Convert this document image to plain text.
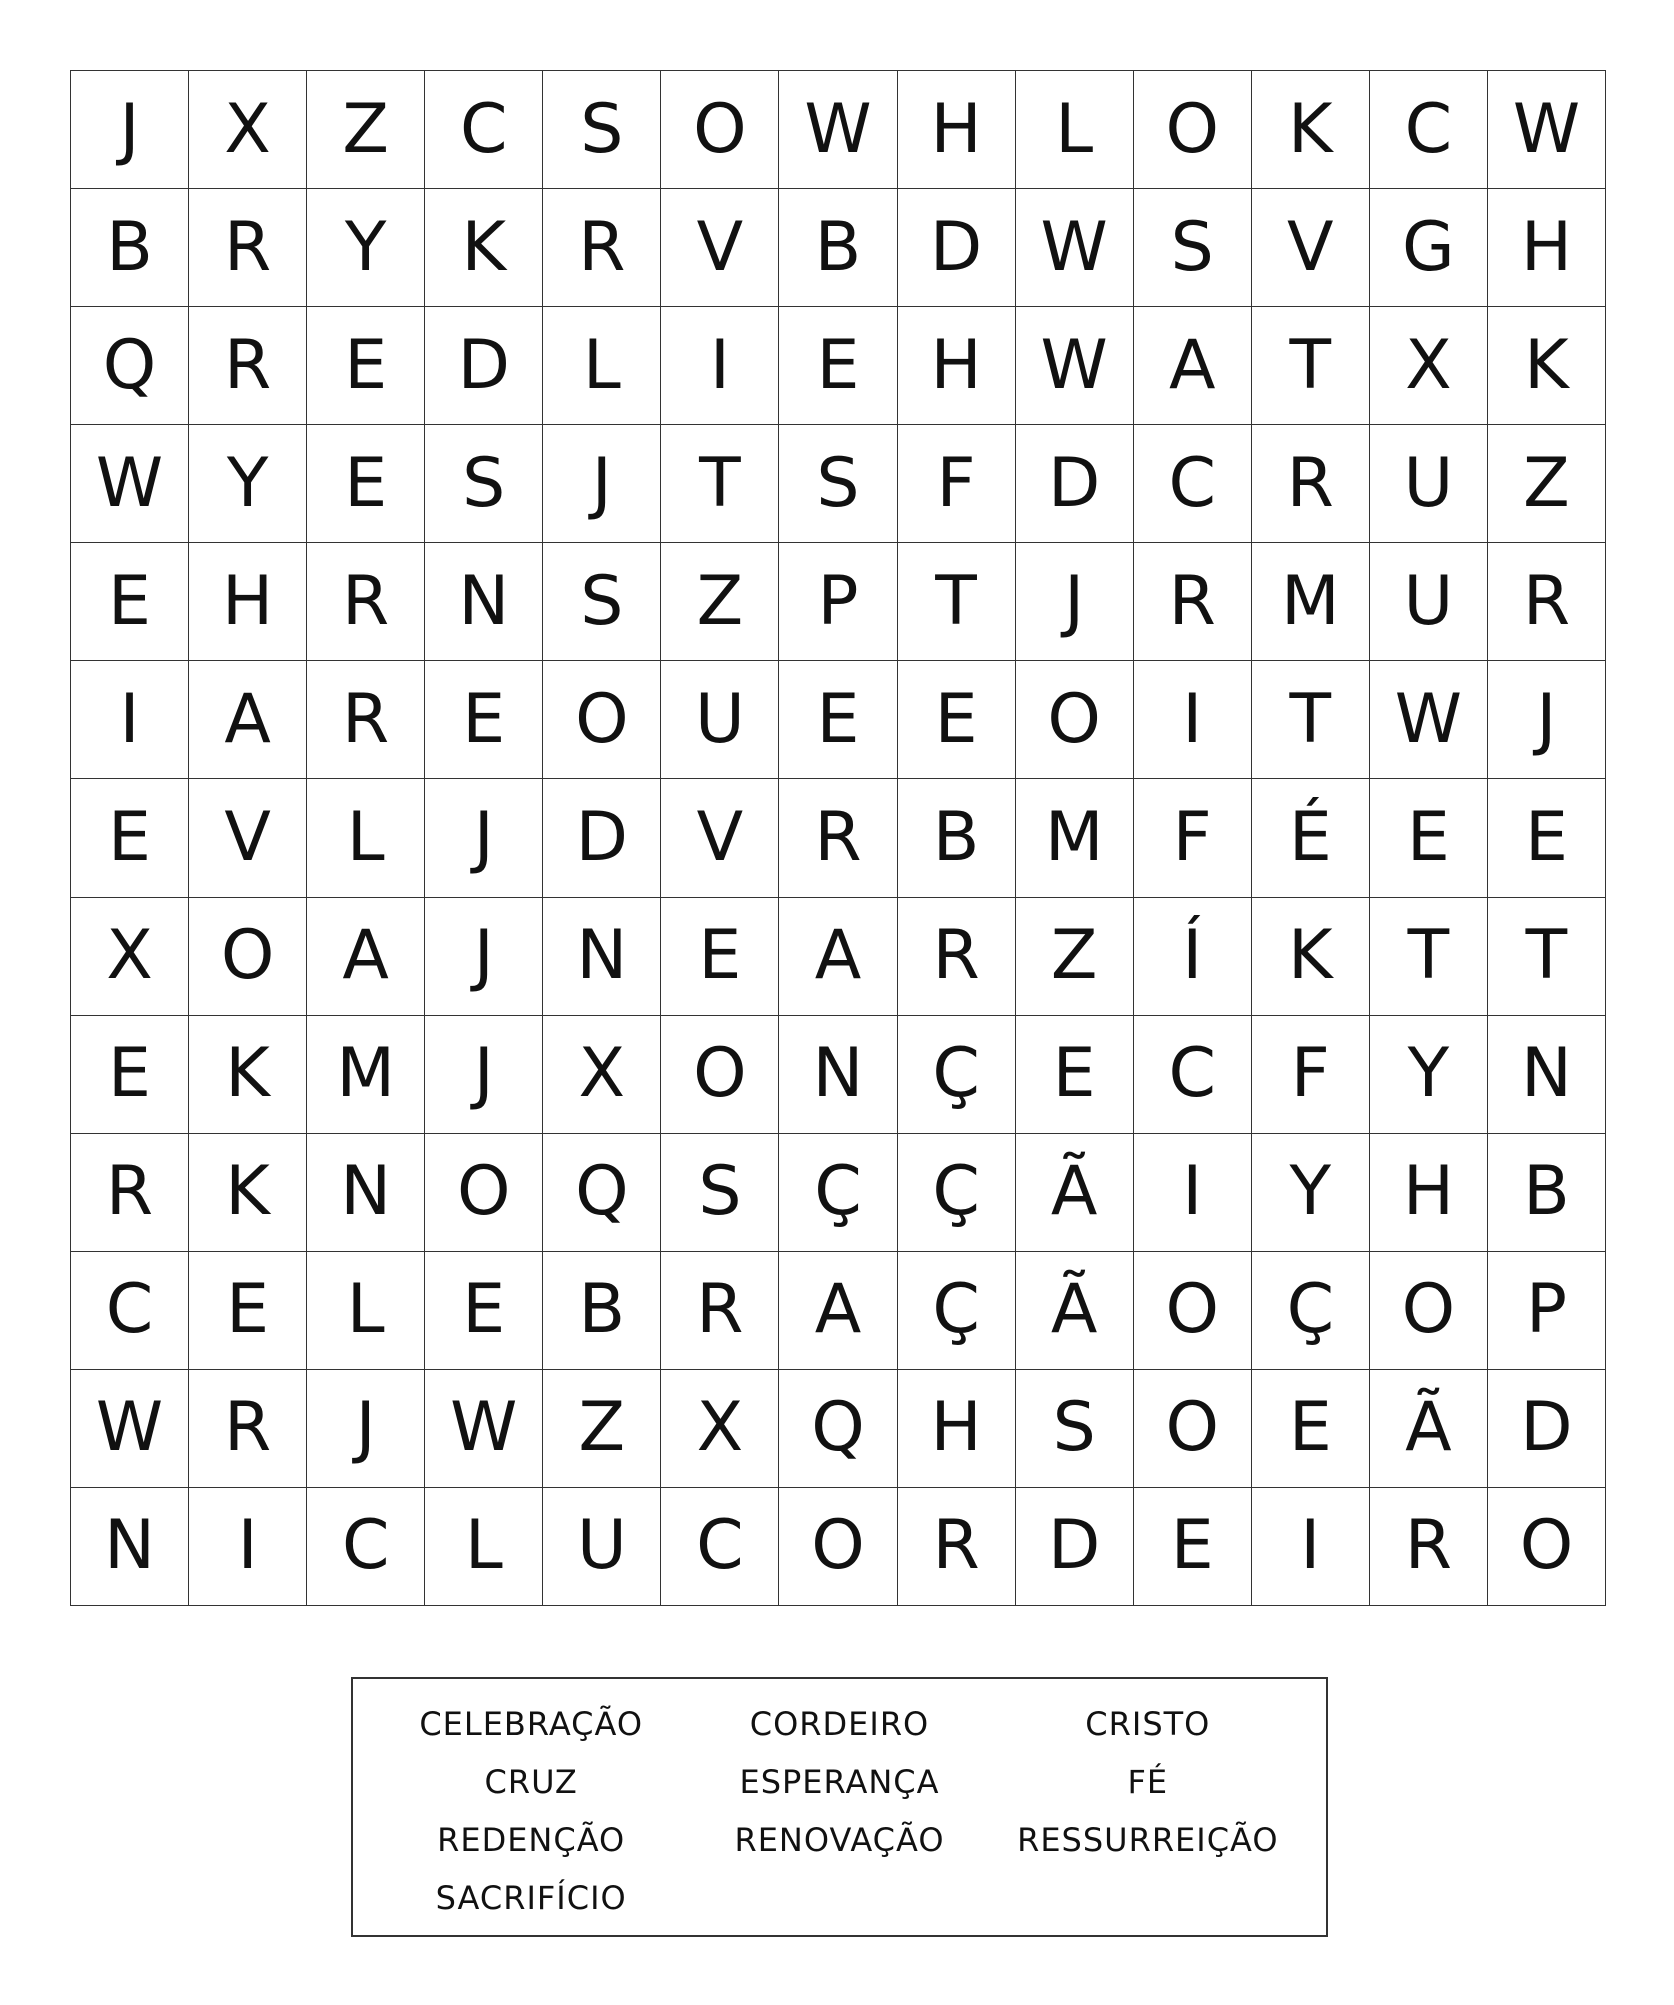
J	X	Z	C	S	O W H	L	O	K	C W
B	R	Y	K	R	V	B	D W S	V	G H
Q R	E	D	L	I	E	H W A	T	X	K
W Y	E	S	J	T	S	F	D	C	R	U	Z
E	H	R	N	S	Z	P	T	J	R M U	R
I	A	R	E	O U	E	E	O	I	T W	J
E	V	L	J	D	V	R	B M	F	É	E	E
X	O	A	J	N	E	A	R	Z	Í	K	T	T
E	K M	J	X	O N	Ç	E	C	F	Y	N
R	K	N O Q	S	Ç	Ç	Ã	I	Y	H	B
C	E	L	E	B	R	A	Ç	Ã	O Ç O	P
W R	J	W Z	X	Q H	S	O	E	Ã	D
N	I	C	L	U	C O R	D	E	I	R O
CELEBRAÇÃO	CORDEIRO	CRISTO
CRUZ	ESPERANÇA	FÉ
REDENÇÃO	RENOVAÇÃO	RESSURREIÇÃO
SACRIFÍCIO
